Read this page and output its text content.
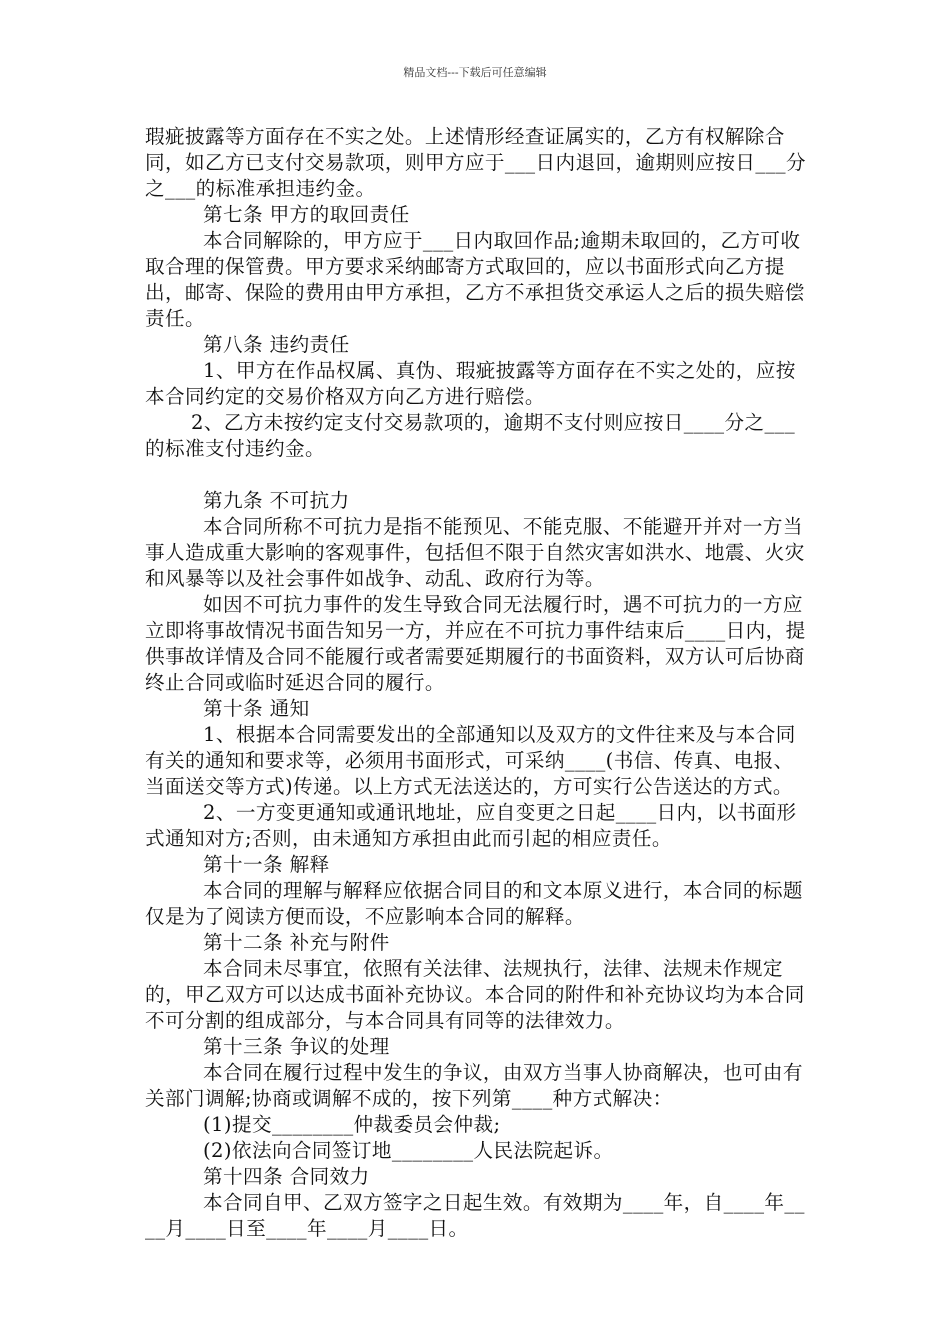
精品文档---下载后可任意编辑

瑕疵披露等方面存在不实之处。上述情形经查证属实的，乙方有权解除合同，如乙方已支付交易款项，则甲方应于___日内退回，逾期则应按日___分之___的标准承担违约金。

第七条 甲方的取回责任

本合同解除的，甲方应于___日内取回作品;逾期未取回的，乙方可收取合理的保管费。甲方要求采纳邮寄方式取回的，应以书面形式向乙方提出，邮寄、保险的费用由甲方承担，乙方不承担货交承运人之后的损失赔偿责任。

第八条 违约责任

1、甲方在作品权属、真伪、瑕疵披露等方面存在不实之处的，应按本合同约定的交易价格双方向乙方进行赔偿。

2、乙方未按约定支付交易款项的，逾期不支付则应按日____分之___的标准支付违约金。

第九条 不可抗力

本合同所称不可抗力是指不能预见、不能克服、不能避开并对一方当事人造成重大影响的客观事件，包括但不限于自然灾害如洪水、地震、火灾和风暴等以及社会事件如战争、动乱、政府行为等。

如因不可抗力事件的发生导致合同无法履行时，遇不可抗力的一方应立即将事故情况书面告知另一方，并应在不可抗力事件结束后____日内，提供事故详情及合同不能履行或者需要延期履行的书面资料，双方认可后协商终止合同或临时延迟合同的履行。

第十条 通知

1、根据本合同需要发出的全部通知以及双方的文件往来及与本合同有关的通知和要求等，必须用书面形式，可采纳____(书信、传真、电报、当面送交等方式)传递。以上方式无法送达的，方可实行公告送达的方式。

2、一方变更通知或通讯地址，应自变更之日起____日内，以书面形式通知对方;否则，由未通知方承担由此而引起的相应责任。

第十一条 解释

本合同的理解与解释应依据合同目的和文本原义进行，本合同的标题仅是为了阅读方便而设，不应影响本合同的解释。

第十二条 补充与附件

本合同未尽事宜，依照有关法律、法规执行，法律、法规未作规定的，甲乙双方可以达成书面补充协议。本合同的附件和补充协议均为本合同不可分割的组成部分，与本合同具有同等的法律效力。

第十三条 争议的处理

本合同在履行过程中发生的争议，由双方当事人协商解决，也可由有关部门调解;协商或调解不成的，按下列第____种方式解决：

(1)提交________仲裁委员会仲裁;

(2)依法向合同签订地________人民法院起诉。

第十四条 合同效力

本合同自甲、乙双方签字之日起生效。有效期为____年，自____年____月____日至____年____月____日。
